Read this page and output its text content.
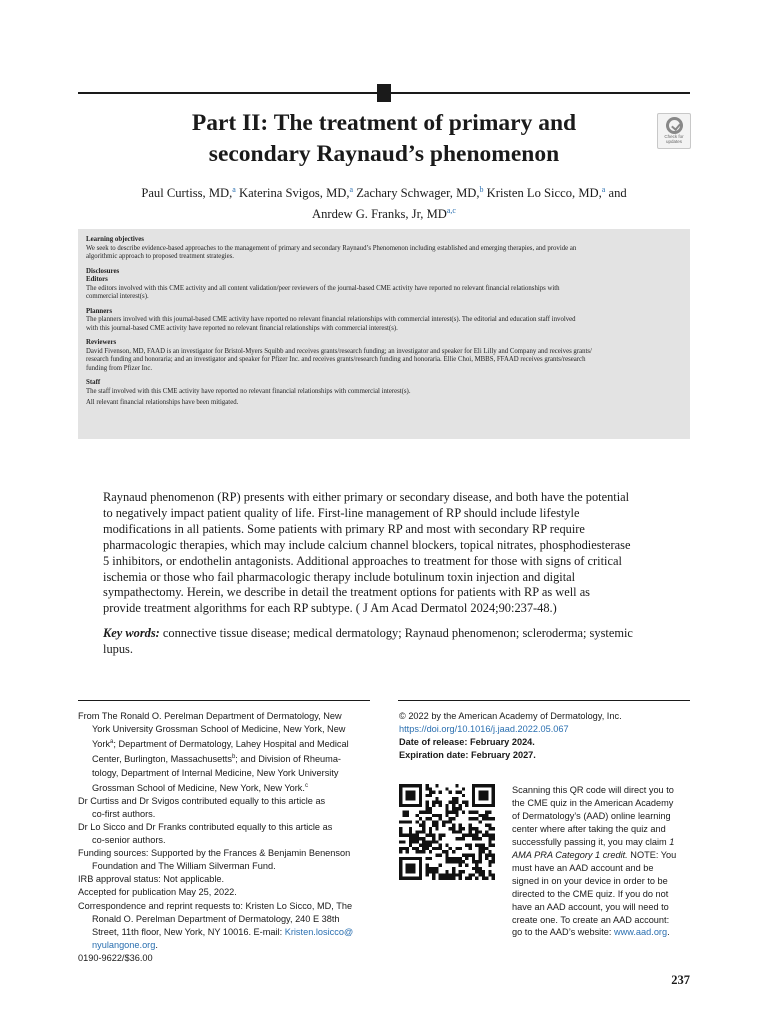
Part II: The treatment of primary and
secondary Raynaud’s phenomenon
Check for
updates
Paul Curtiss, MD,$^a$ Katerina Svigos, MD,$^a$ Zachary Schwager, MD,$^b$ Kristen Lo Sicco, MD,$^a$ and
Anrdew G. Franks, Jr, MD$^{a,c}$
Learning objectives
We seek to describe evidence-based approaches to the management of primary and secondary Raynaud’s Phenomenon including established and emerging therapies, and provide an
algorithmic approach to proposed treatment strategies.
Disclosures
Editors
The editors involved with this CME activity and all content validation/peer reviewers of the journal-based CME activity have reported no relevant financial relationships with
commercial interest(s).
Planners
The planners involved with this journal-based CME activity have reported no relevant financial relationships with commercial interest(s). The editorial and education staff involved
with this journal-based CME activity have reported no relevant financial relationships with commercial interest(s).
Reviewers
David Fivenson, MD, FAAD is an investigator for Bristol-Myers Squibb and receives grants/research funding; an investigator and speaker for Eli Lilly and Company and receives grants/
research funding and honoraria; and an investigator and speaker for Pfizer Inc. and receives grants/research funding and honoraria. Ellie Choi, MBBS, FFAAD receives grants/research
funding from Pfizer Inc.
Staff
The staff involved with this CME activity have reported no relevant financial relationships with commercial interest(s).
All relevant financial relationships have been mitigated.
Raynaud phenomenon (RP) presents with either primary or secondary disease, and both have the potential
to negatively impact patient quality of life. First-line management of RP should include lifestyle
modifications in all patients. Some patients with primary RP and most with secondary RP require
pharmacologic therapies, which may include calcium channel blockers, topical nitrates, phosphodiesterase
5 inhibitors, or endothelin antagonists. Additional approaches to treatment for those with signs of critical
ischemia or those who fail pharmacologic therapy include botulinum toxin injection and digital
sympathectomy. Herein, we describe in detail the treatment options for patients with RP as well as
provide treatment algorithms for each RP subtype. ( J Am Acad Dermatol 2024;90:237-48.)
Key words: connective tissue disease; medical dermatology; Raynaud phenomenon; scleroderma; systemic
lupus.
From The Ronald O. Perelman Department of Dermatology, New
York University Grossman School of Medicine, New York, New
York$^a$; Department of Dermatology, Lahey Hospital and Medical
Center, Burlington, Massachusetts$^b$; and Division of Rheuma-
tology, Department of Internal Medicine, New York University
Grossman School of Medicine, New York, New York.$^c$
Dr Curtiss and Dr Svigos contributed equally to this article as
co-first authors.
Dr Lo Sicco and Dr Franks contributed equally to this article as
co-senior authors.
Funding sources: Supported by the Frances & Benjamin Benenson
Foundation and The William Silverman Fund.
IRB approval status: Not applicable.
Accepted for publication May 25, 2022.
Correspondence and reprint requests to: Kristen Lo Sicco, MD, The
Ronald O. Perelman Department of Dermatology, 240 E 38th
Street, 11th floor, New York, NY 10016. E-mail: Kristen.losicco@
nyulangone.org.
0190-9622/$36.00
© 2022 by the American Academy of Dermatology, Inc.
https://doi.org/10.1016/j.jaad.2022.05.067
Date of release: February 2024.
Expiration date: February 2027.
Scanning this QR code will direct you to
the CME quiz in the American Academy
of Dermatology’s (AAD) online learning
center where after taking the quiz and
successfully passing it, you may claim 1
AMA PRA Category 1 credit. NOTE: You
must have an AAD account and be
signed in on your device in order to be
directed to the CME quiz. If you do not
have an AAD account, you will need to
create one. To create an AAD account:
go to the AAD’s website: www.aad.org.
237
